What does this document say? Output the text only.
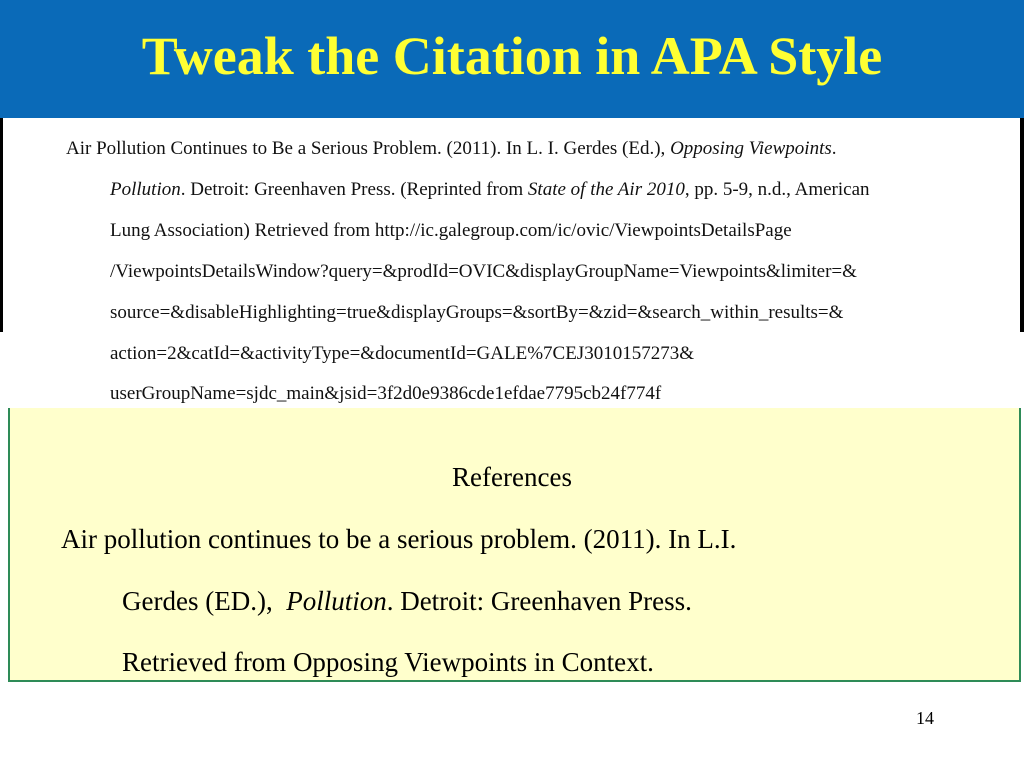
Tweak the Citation in APA Style
Air Pollution Continues to Be a Serious Problem. (2011). In L. I. Gerdes (Ed.), Opposing Viewpoints.
Pollution. Detroit: Greenhaven Press. (Reprinted from State of the Air 2010, pp. 5-9, n.d., American
Lung Association) Retrieved from http://ic.galegroup.com/ic/ovic/ViewpointsDetailsPage
/ViewpointsDetailsWindow?query=&prodId=OVIC&displayGroupName=Viewpoints&limiter=&
source=&disableHighlighting=true&displayGroups=&sortBy=&zid=&search_within_results=&
action=2&catId=&activityType=&documentId=GALE%7CEJ3010157273&
userGroupName=sjdc_main&jsid=3f2d0e9386cde1efdae7795cb24f774f
References
Air pollution continues to be a serious problem. (2011). In L.I.
Gerdes (ED.),  Pollution. Detroit: Greenhaven Press.
Retrieved from Opposing Viewpoints in Context.
14
